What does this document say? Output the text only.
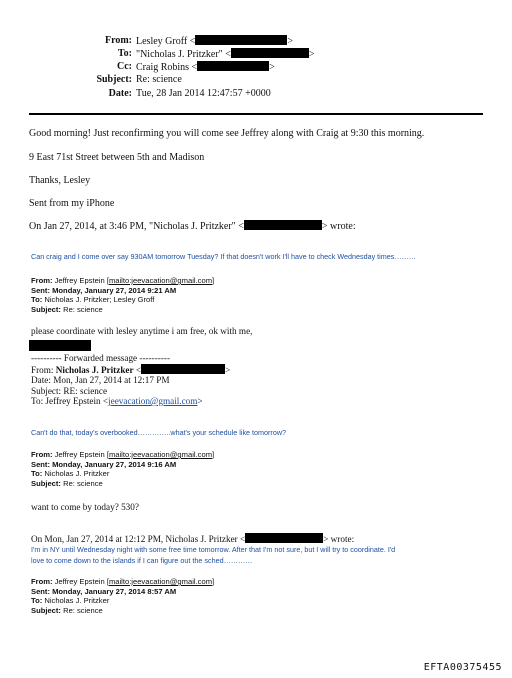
From: Lesley Groff <	>
To: "Nicholas J. Pritzker" <	>
Cc: Craig Robins <	>
Subject: Re: science
Date: Tue, 28 Jan 2014 12:47:57 +0000
Good morning! Just reconfirming you will come see Jeffrey along with Craig at 9:30 this morning.
9 East 71st Street between 5th and Madison
Thanks, Lesley
Sent from my iPhone
On Jan 27, 2014, at 3:46 PM, "Nicholas J. Pritzker" <	> wrote:
Can craig and I come over say 930AM tomorrow Tuesday? If that doesn't work I'll have to check Wednesday times………
From: Jeffrey Epstein [mailto:jeevacation@gmail.com]
Sent: Monday, January 27, 2014 9:21 AM
To: Nicholas J. Pritzker; Lesley Groff
Subject: Re: science
please coordinate with lesley anytime i am free, ok with me,
---------- Forwarded message ----------
From: Nicholas J. Pritzker <	>
Date: Mon, Jan 27, 2014 at 12:17 PM
Subject: RE: science
To: Jeffrey Epstein <jeevacation@gmail.com>
Can't do that, today's overbooked…………..what's your schedule like tomorrow?
From: Jeffrey Epstein [mailto:jeevacation@gmail.com]
Sent: Monday, January 27, 2014 9:16 AM
To: Nicholas J. Pritzker
Subject: Re: science
want to come by today? 530?
On Mon, Jan 27, 2014 at 12:12 PM, Nicholas J. Pritzker <	> wrote:
I'm in NY until Wednesday night with some free time tomorrow. After that I'm not sure, but I will try to coordinate. I'd
love to come down to the islands if I can figure out the sched…………
From: Jeffrey Epstein [mailto:jeevacation@gmail.com]
Sent: Monday, January 27, 2014 8:57 AM
To: Nicholas J. Pritzker
Subject: Re: science
EFTA00375455
